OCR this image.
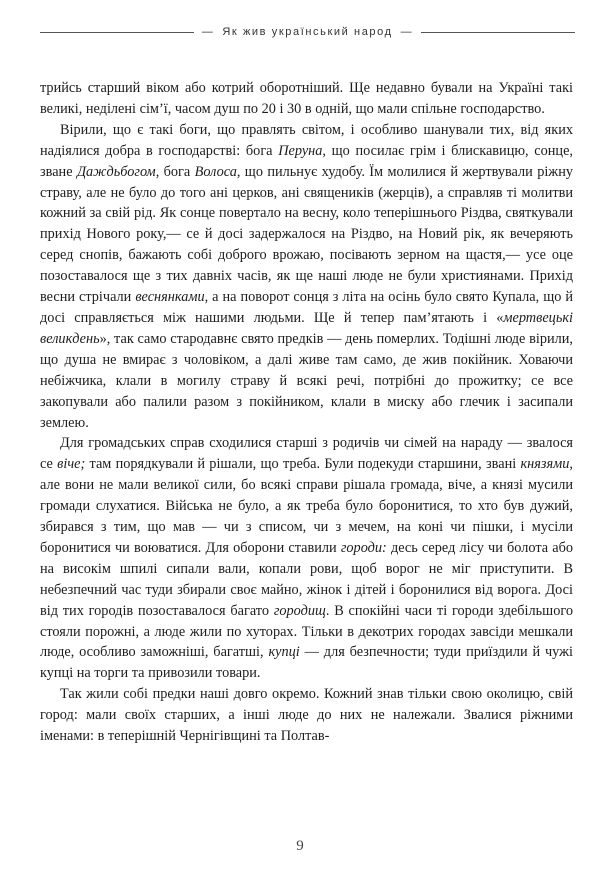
— Як жив український народ —

трийсь старший віком або котрий оборотніший. Ще недавно бували на Україні такі великі, неділені сім’ї, часом душ по 20 і 30 в одній, що мали спільне господарство.

Вірили, що є такі боги, що правлять світом, і особливо шанували тих, від яких надіялися добра в господарстві: бога Перуна, що посилає грім і блискавицю, сонце, зване Даждьбогом, бога Волоса, що пильнує худобу. Їм молилися й жертвували ріжну страву, але не було до того ані церков, ані священиків (жерців), а справляв ті молитви кожний за свій рід. Як сонце повертало на весну, коло теперішнього Різдва, святкували прихід Нового року,— се й досі задержалося на Різдво, на Новий рік, як вечеряють серед снопів, бажають собі доброго врожаю, посівають зерном на щастя,— усе оце позоставалося ще з тих давніх часів, як ще наші люде не були християнами. Прихід весни стрічали веснянками, а на поворот сонця з літа на осінь було свято Купала, що й досі справляється між нашими людьми. Ще й тепер пам’ятають і «мертвецькі великдень», так само стародавнє свято предків — день померлих. Тодішні люде вірили, що душа не вмирає з чоловіком, а далі живе там само, де жив покійник. Ховаючи небіжчика, клали в могилу страву й всякі речі, потрібні до прожитку; се все закопували або палили разом з покійником, клали в миску або глечик і засипали землею.

Для громадських справ сходилися старші з родичів чи сімей на нараду — звалося се віче; там порядкували й рішали, що треба. Були подекуди старшини, звані князями, але вони не мали великої сили, бо всякі справи рішала громада, віче, а князі мусили громади слухатися. Війська не було, а як треба було боронитися, то хто був дужий, збирався з тим, що мав — чи з списом, чи з мечем, на коні чи пішки, і мусіли боронитися чи воюватися. Для оборони ставили городи: десь серед лісу чи болота або на високім шпилі сипали вали, копали рови, щоб ворог не міг приступити. В небезпечний час туди збирали своє майно, жінок і дітей і боронилися від ворога. Досі від тих городів позоставалося багато городищ. В спокійні часи ті городи здебільшого стояли порожні, а люде жили по хуторах. Тільки в декотрих городах завсіди мешкали люде, особливо заможніші, багатші, купці — для безпечности; туди приїздили й чужі купці на торги та привозили товари.

Так жили собі предки наші довго окремо. Кожний знав тільки свою околицю, свій город: мали своїх старших, а інші люде до них не належали. Звалися ріжними іменами: в теперішній Чернігівщині та Полтав-

9
